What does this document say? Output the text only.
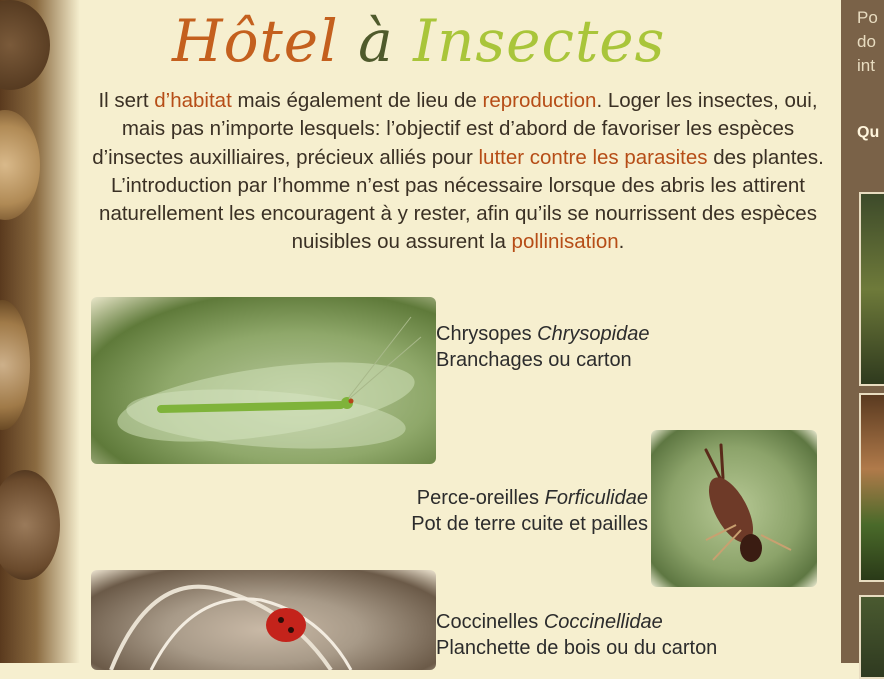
Hôtel à Insectes
Il sert d’habitat mais également de lieu de reproduction. Loger les insectes, oui, mais pas n’importe lesquels: l’objectif est d’abord de favoriser les espèces d’insectes auxilliaires, précieux alliés pour lutter contre les parasites des plantes. L’introduction par l’homme n’est pas nécessaire lorsque des abris les attirent naturellement les encouragent à y rester, afin qu’ils se nourrissent des espèces nuisibles ou assurent la pollinisation.
Chrysopes Chrysopidae
Branchages ou carton
Perce-oreilles Forficulidae
Pot de terre cuite et pailles
Coccinelles Coccinellidae
Planchette de bois ou du carton
Po
do
int
Qu
